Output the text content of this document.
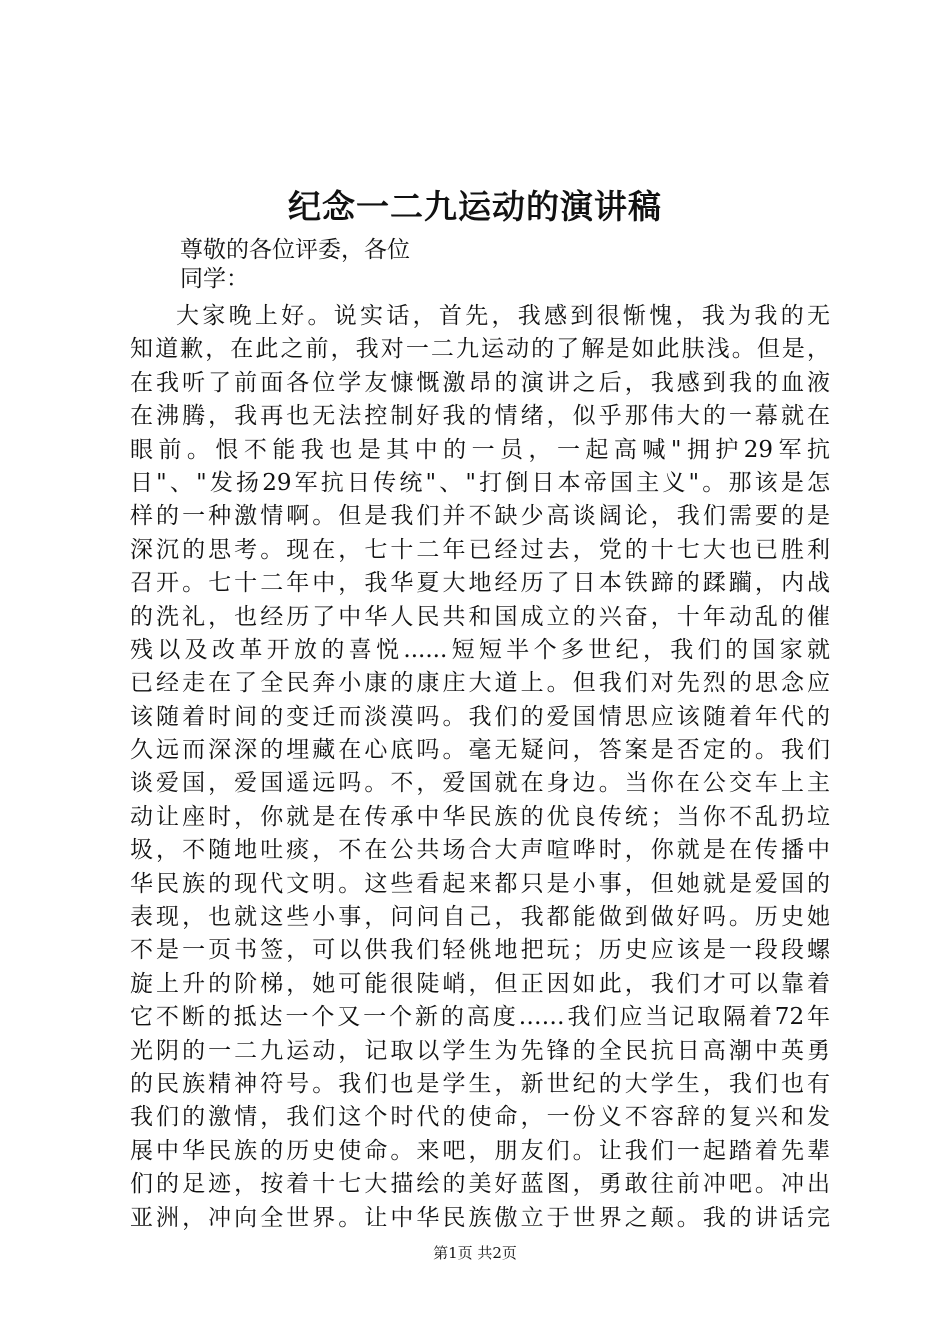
纪念一二九运动的演讲稿
尊敬的各位评委，各位
同学：
大家晚上好。说实话，首先，我感到很惭愧，我为我的无
知道歉，在此之前，我对一二九运动的了解是如此肤浅。但是，
在我听了前面各位学友慷慨激昂的演讲之后，我感到我的血液
在沸腾，我再也无法控制好我的情绪，似乎那伟大的一幕就在
眼前。恨不能我也是其中的一员，一起高喊"拥护29军抗
日"、"发扬29军抗日传统"、"打倒日本帝国主义"。那该是怎
样的一种激情啊。但是我们并不缺少高谈阔论，我们需要的是
深沉的思考。现在，七十二年已经过去，党的十七大也已胜利
召开。七十二年中，我华夏大地经历了日本铁蹄的蹂躏，内战
的洗礼，也经历了中华人民共和国成立的兴奋，十年动乱的催
残以及改革开放的喜悦......短短半个多世纪，我们的国家就
已经走在了全民奔小康的康庄大道上。但我们对先烈的思念应
该随着时间的变迁而淡漠吗。我们的爱国情思应该随着年代的
久远而深深的埋藏在心底吗。毫无疑问，答案是否定的。我们
谈爱国，爱国遥远吗。不，爱国就在身边。当你在公交车上主
动让座时，你就是在传承中华民族的优良传统；当你不乱扔垃
圾，不随地吐痰，不在公共场合大声喧哗时，你就是在传播中
华民族的现代文明。这些看起来都只是小事，但她就是爱国的
表现，也就这些小事，问问自己，我都能做到做好吗。历史她
不是一页书签，可以供我们轻佻地把玩；历史应该是一段段螺
旋上升的阶梯，她可能很陡峭，但正因如此，我们才可以靠着
它不断的抵达一个又一个新的高度……我们应当记取隔着72年
光阴的一二九运动，记取以学生为先锋的全民抗日高潮中英勇
的民族精神符号。我们也是学生，新世纪的大学生，我们也有
我们的激情，我们这个时代的使命，一份义不容辞的复兴和发
展中华民族的历史使命。来吧，朋友们。让我们一起踏着先辈
们的足迹，按着十七大描绘的美好蓝图，勇敢往前冲吧。冲出
亚洲，冲向全世界。让中华民族傲立于世界之颠。我的讲话完

第1页 共2页
